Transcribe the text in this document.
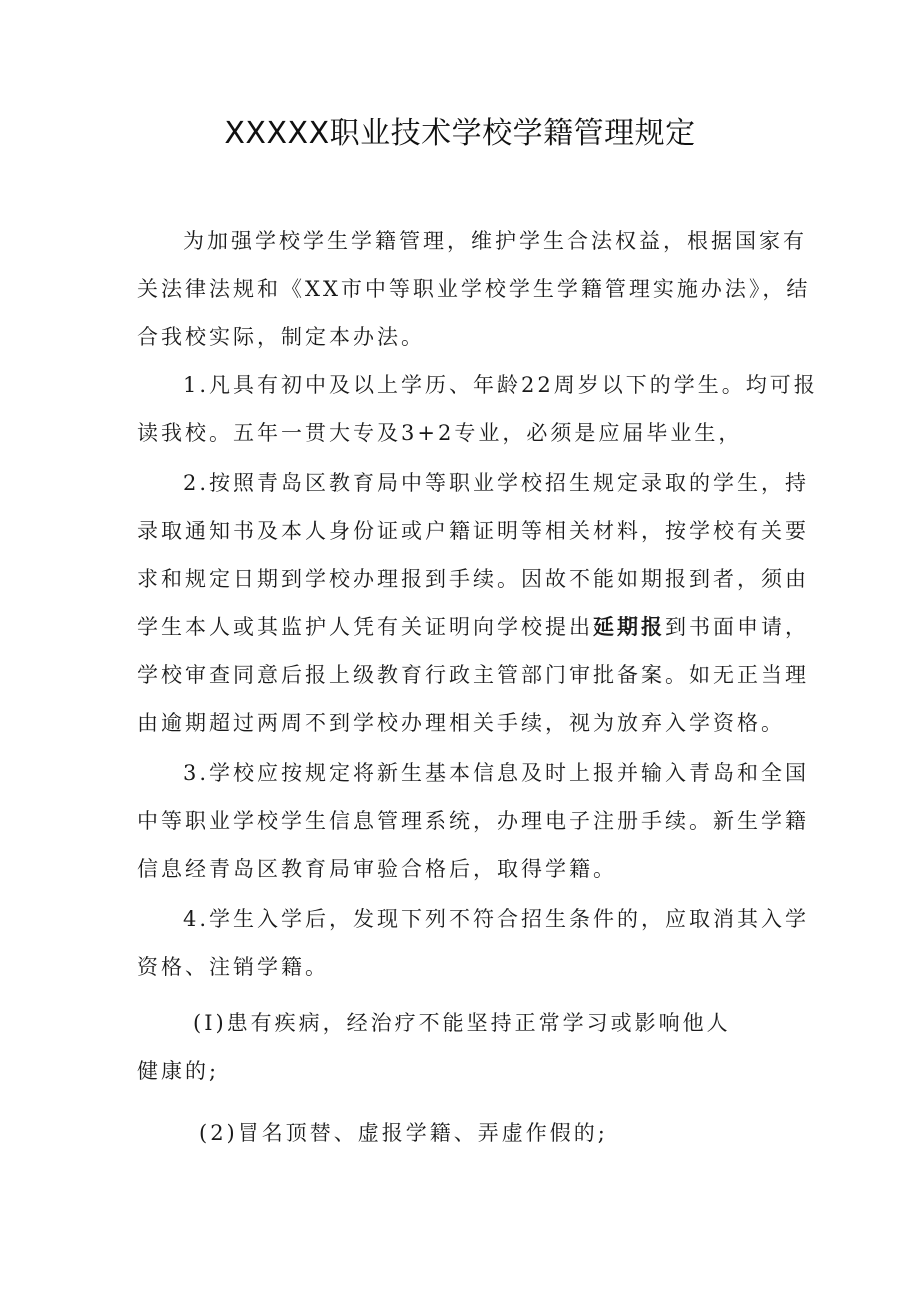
XXXXX职业技术学校学籍管理规定
为加强学校学生学籍管理，维护学生合法权益，根据国家有
关法律法规和《XX市中等职业学校学生学籍管理实施办法》，结
合我校实际，制定本办法。
1.凡具有初中及以上学历、年龄22周岁以下的学生。均可报
读我校。五年一贯大专及3+2专业，必须是应届毕业生，
2.按照青岛区教育局中等职业学校招生规定录取的学生，持
录取通知书及本人身份证或户籍证明等相关材料，按学校有关要
求和规定日期到学校办理报到手续。因故不能如期报到者，须由
学生本人或其监护人凭有关证明向学校提出延期报到书面申请，
学校审查同意后报上级教育行政主管部门审批备案。如无正当理
由逾期超过两周不到学校办理相关手续，视为放弃入学资格。
3.学校应按规定将新生基本信息及时上报并输入青岛和全国
中等职业学校学生信息管理系统，办理电子注册手续。新生学籍
信息经青岛区教育局审验合格后，取得学籍。
4.学生入学后，发现下列不符合招生条件的，应取消其入学
资格、注销学籍。
(I)患有疾病，经治疗不能坚持正常学习或影响他人
健康的;
(2)冒名顶替、虚报学籍、弄虚作假的;
